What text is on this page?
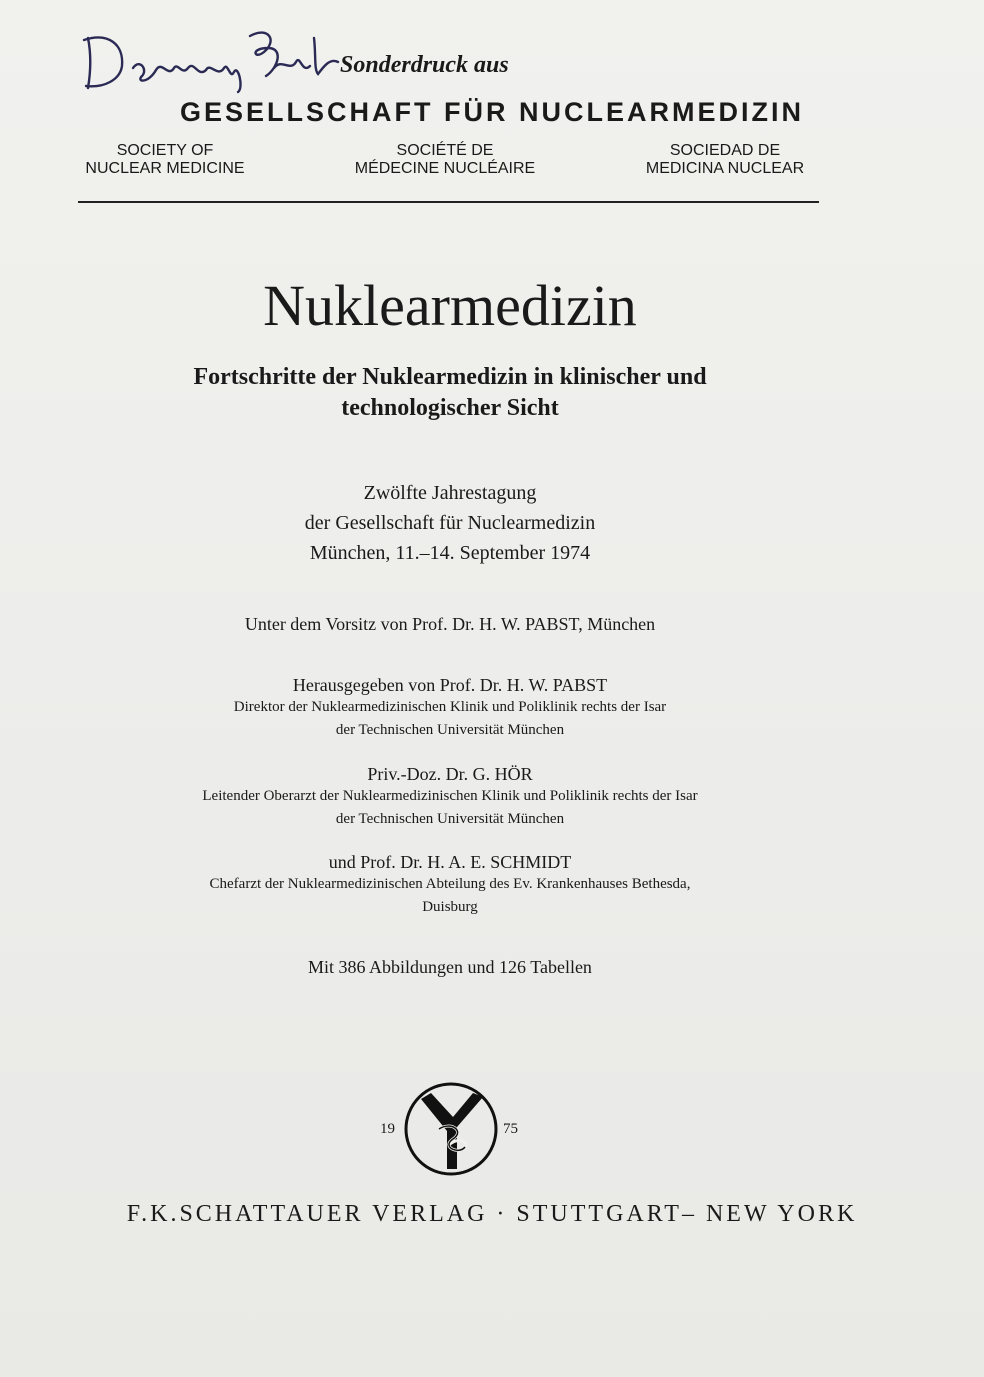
Sonderdruck aus
GESELLSCHAFT FÜR NUCLEARMEDIZIN
SOCIETY OF
NUCLEAR MEDICINE
SOCIÉTÉ DE
MÉDECINE NUCLÉAIRE
SOCIEDAD DE
MEDICINA NUCLEAR
Nuklearmedizin
Fortschritte der Nuklearmedizin in klinischer und
technologischer Sicht
Zwölfte Jahrestagung
der Gesellschaft für Nuclearmedizin
München, 11.–14. September 1974
Unter dem Vorsitz von Prof. Dr. H. W. PABST, München
Herausgegeben von Prof. Dr. H. W. PABST
Direktor der Nuklearmedizinischen Klinik und Poliklinik rechts der Isar
der Technischen Universität München
Priv.-Doz. Dr. G. HÖR
Leitender Oberarzt der Nuklearmedizinischen Klinik und Poliklinik rechts der Isar
der Technischen Universität München
und Prof. Dr. H. A. E. SCHMIDT
Chefarzt der Nuklearmedizinischen Abteilung des Ev. Krankenhauses Bethesda,
Duisburg
Mit 386 Abbildungen und 126 Tabellen
19	75
F.K.SCHATTAUER VERLAG · STUTTGART– NEW YORK
